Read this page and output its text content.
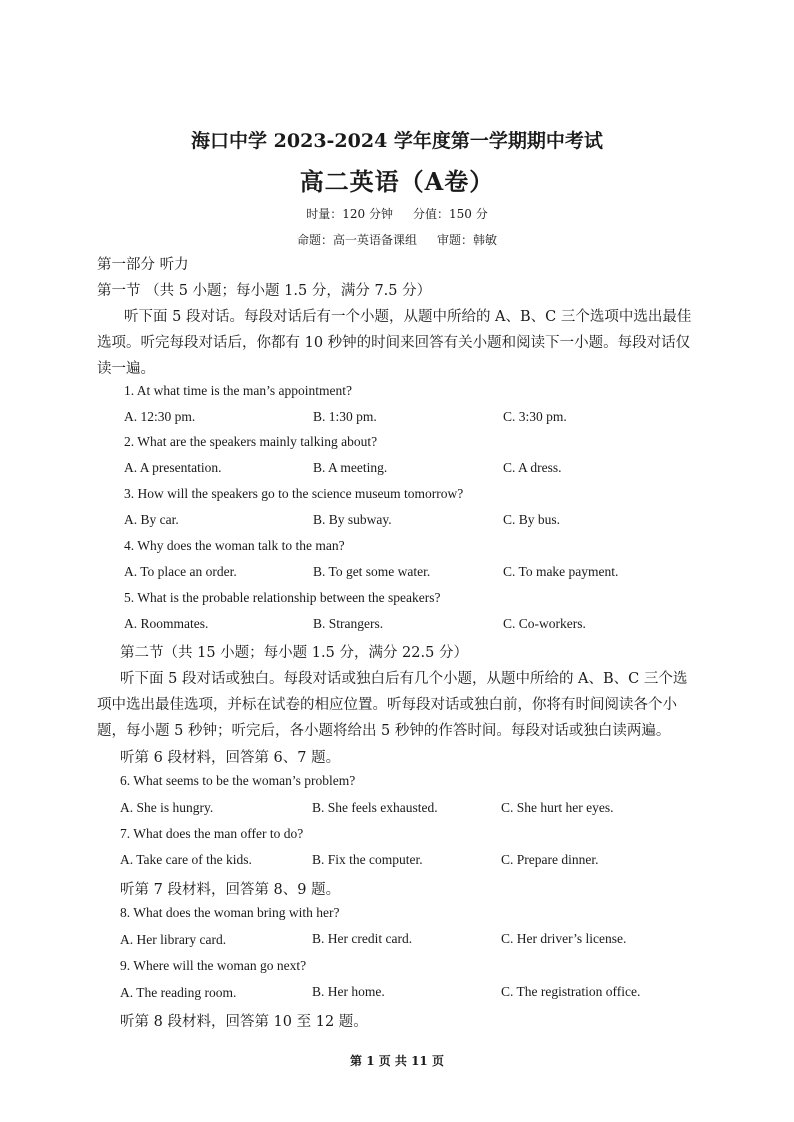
海口中学 2023-2024 学年度第一学期期中考试
高二英语（A卷）
时量：120 分钟 分值：150 分
命题：高一英语备课组 审题：韩敏
第一部分 听力
第一节 （共 5 小题；每小题 1.5 分，满分 7.5 分）
听下面 5 段对话。每段对话后有一个小题，从题中所给的 A、B、C 三个选项中选出最佳
选项。听完每段对话后，你都有 10 秒钟的时间来回答有关小题和阅读下一小题。每段对话仅
读一遍。
1. At what time is the man’s appointment?
A. 12:30 pm.	B. 1:30 pm.	C. 3:30 pm.
2. What are the speakers mainly talking about?
A. A presentation.	B. A meeting.	C. A dress.
3. How will the speakers go to the science museum tomorrow?
A. By car.	B. By subway.	C. By bus.
4. Why does the woman talk to the man?
A. To place an order.	B. To get some water.	C. To make payment.
5. What is the probable relationship between the speakers?
A. Roommates.	B. Strangers.	C. Co-workers.
第二节（共 15 小题；每小题 1.5 分，满分 22.5 分）
听下面 5 段对话或独白。每段对话或独白后有几个小题，从题中所给的 A、B、C 三个选
项中选出最佳选项，并标在试卷的相应位置。听每段对话或独白前，你将有时间阅读各个小
题，每小题 5 秒钟；听完后，各小题将给出 5 秒钟的作答时间。每段对话或独白读两遍。
听第 6 段材料，回答第 6、7 题。
6. What seems to be the woman’s problem?
A. She is hungry.	B. She feels exhausted.	C. She hurt her eyes.
7. What does the man offer to do?
A. Take care of the kids.	B. Fix the computer.	C. Prepare dinner.
听第 7 段材料，回答第 8、9 题。
8. What does the woman bring with her?
A. Her library card.	B. Her credit card.	C. Her driver’s license.
9. Where will the woman go next?
A. The reading room.	B. Her home.	C. The registration office.
听第 8 段材料，回答第 10 至 12 题。
第 1 页 共 11 页
